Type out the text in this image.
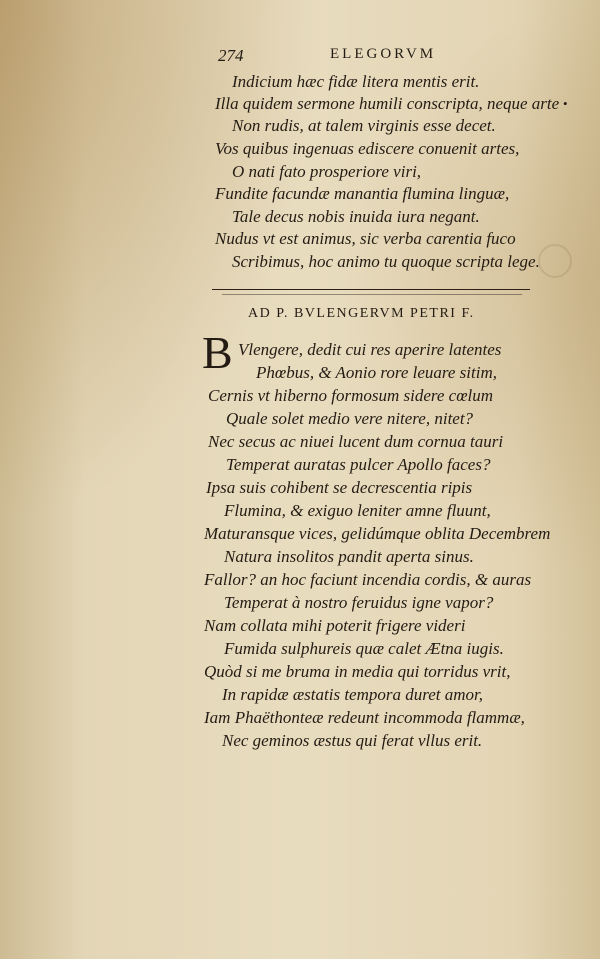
274	ELEGORVM
•
Indicium hæc fidæ litera mentis erit.
Illa quidem sermone humili conscripta, neque arte
Non rudis, at talem virginis esse decet.
Vos quibus ingenuas ediscere conuenit artes,
O nati fato prosperiore viri,
Fundite facundæ manantia flumina linguæ,
Tale decus nobis inuida iura negant.
Nudus vt est animus, sic verba carentia fuco
Scribimus, hoc animo tu quoque scripta lege.
AD P. BVLENGERVM PETRI F.
B Vlengere, dedit cui res aperire latentes
Phœbus, & Aonio rore leuare sitim,
Cernis vt hiberno formosum sidere cœlum
Quale solet medio vere nitere, nitet?
Nec secus ac niuei lucent dum cornua tauri
Temperat auratas pulcer Apollo faces?
Ipsa suis cohibent se decrescentia ripis
Flumina, & exiguo leniter amne fluunt,
Maturansque vices, gelidúmque oblita Decembrem
Natura insolitos pandit aperta sinus.
Fallor? an hoc faciunt incendia cordis, & auras
Temperat à nostro feruidus igne vapor?
Nam collata mihi poterit frigere videri
Fumida sulphureis quæ calet Ætna iugis.
Quòd si me bruma in media qui torridus vrit,
In rapidæ æstatis tempora duret amor,
Iam Phaëthonteæ redeunt incommoda flammæ,
Nec geminos æstus qui ferat vllus erit.
